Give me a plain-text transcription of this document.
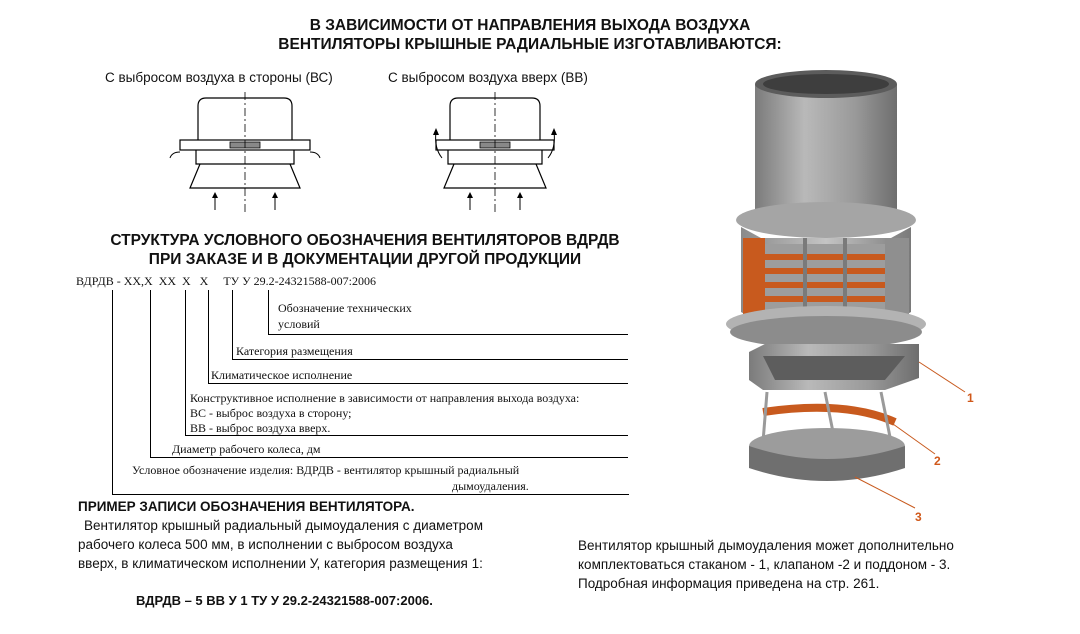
В ЗАВИСИМОСТИ ОТ НАПРАВЛЕНИЯ ВЫХОДА ВОЗДУХА
ВЕНТИЛЯТОРЫ КРЫШНЫЕ РАДИАЛЬНЫЕ ИЗГОТАВЛИВАЮТСЯ:
С выбросом воздуха в стороны (ВС)	С выбросом воздуха вверх (ВВ)
СТРУКТУРА УСЛОВНОГО ОБОЗНАЧЕНИЯ ВЕНТИЛЯТОРОВ ВДРДВ
ПРИ ЗАКАЗЕ И В ДОКУМЕНТАЦИИ ДРУГОЙ ПРОДУКЦИИ
ВДРДВ - ХХ,Х  ХХ  Х   Х     ТУ У 29.2-24321588-007:2006
Обозначение технических
условий
Категория размещения
Климатическое исполнение
Конструктивное исполнение в зависимости от направления выхода воздуха:
ВС - выброс воздуха в сторону;
ВВ - выброс воздуха вверх.
Диаметр рабочего колеса, дм
Условное обозначение изделия: ВДРДВ - вентилятор крышный радиальный
дымоудаления.
ПРИМЕР ЗАПИСИ ОБОЗНАЧЕНИЯ ВЕНТИЛЯТОРА.
Вентилятор крышный радиальный дымоудаления с диаметром
рабочего колеса 500 мм, в исполнении с выбросом воздуха
вверх, в климатическом исполнении У, категория размещения 1:
ВДРДВ – 5 ВВ У 1 ТУ У 29.2-24321588-007:2006.
1
2
3
Вентилятор крышный дымоудаления может дополнительно
комплектоваться стаканом - 1, клапаном -2 и поддоном - 3.
Подробная информация приведена на стр. 261.
